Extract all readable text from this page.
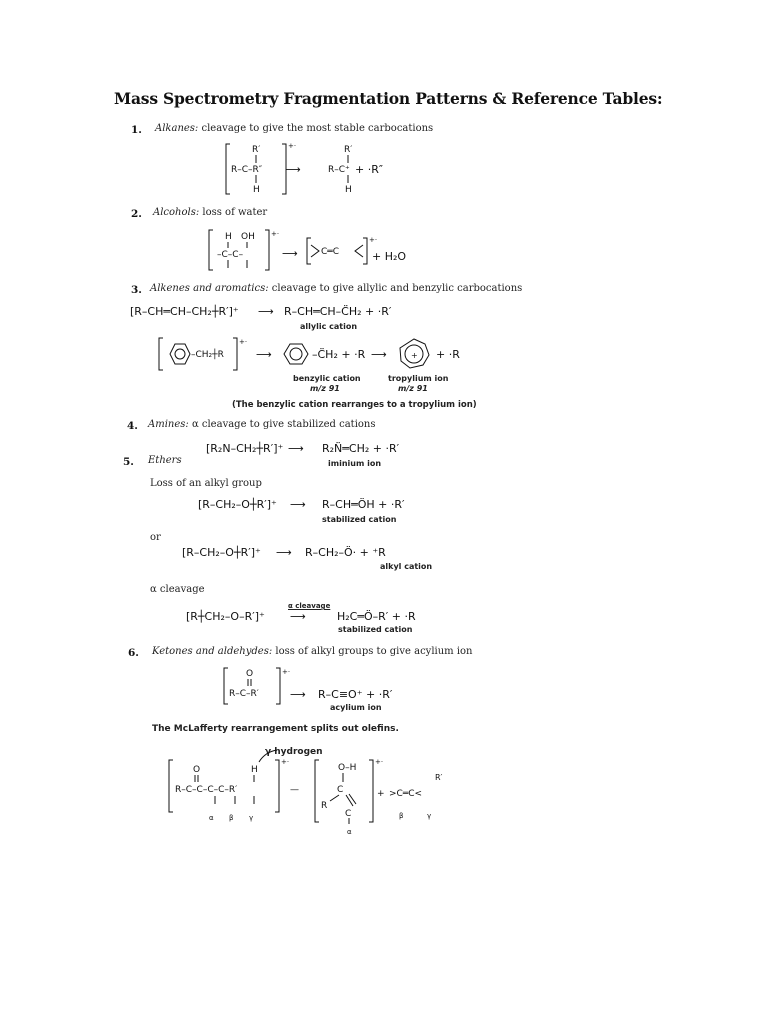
Mass Spectrometry Fragmentation Patterns & Reference Tables:
1. Alkanes: cleavage to give the most stable carbocations
R′
R–C–R″
H
+·	R′
R–C⁺
H
⟶	+ ·R″
2. Alcohols: loss of water
H OH
–C–C–
+·
⟶	C═C
+·
+ H₂O
3. Alkenes and aromatics: cleavage to give allylic and benzylic carbocations
[R–CH═CH–CH₂┼R′]⁺ ⟶ R–CH═CH–C̈H₂ + ·R′
allylic cation
–CH₂┼R
+·
⟶	–C̈H₂ + ·R ⟶	+ + ·R
benzylic cation
m/z 91
tropylium ion
m/z 91
(The benzylic cation rearranges to a tropylium ion)
4. Amines: α cleavage to give stabilized cations
[R₂N–CH₂┼R′]⁺ ⟶ R₂N̈═CH₂ + ·R′
iminium ion
5. Ethers
Loss of an alkyl group
[R–CH₂–O┼R′]⁺ ⟶ R–CH═ÖH + ·R′
stabilized cation
or
[R–CH₂–O┼R′]⁺ ⟶ R–CH₂–Ö· + ⁺R
alkyl cation
α cleavage
[R┼CH₂–O–R′]⁺
α cleavage
⟶	H₂C═Ö–R′ + ·R
stabilized cation
6. Ketones and aldehydes: loss of alkyl groups to give acylium ion
O
R–C–R′
+·
⟶ R–C≡O⁺ + ·R′
acylium ion
The McLafferty rearrangement splits out olefins.
γ hydrogen
O	H
R–C–C–C–C–R′
α β γ
+·
—
O–H
C
R
C
+·
+ >C═C<
R′
β	γ
α
